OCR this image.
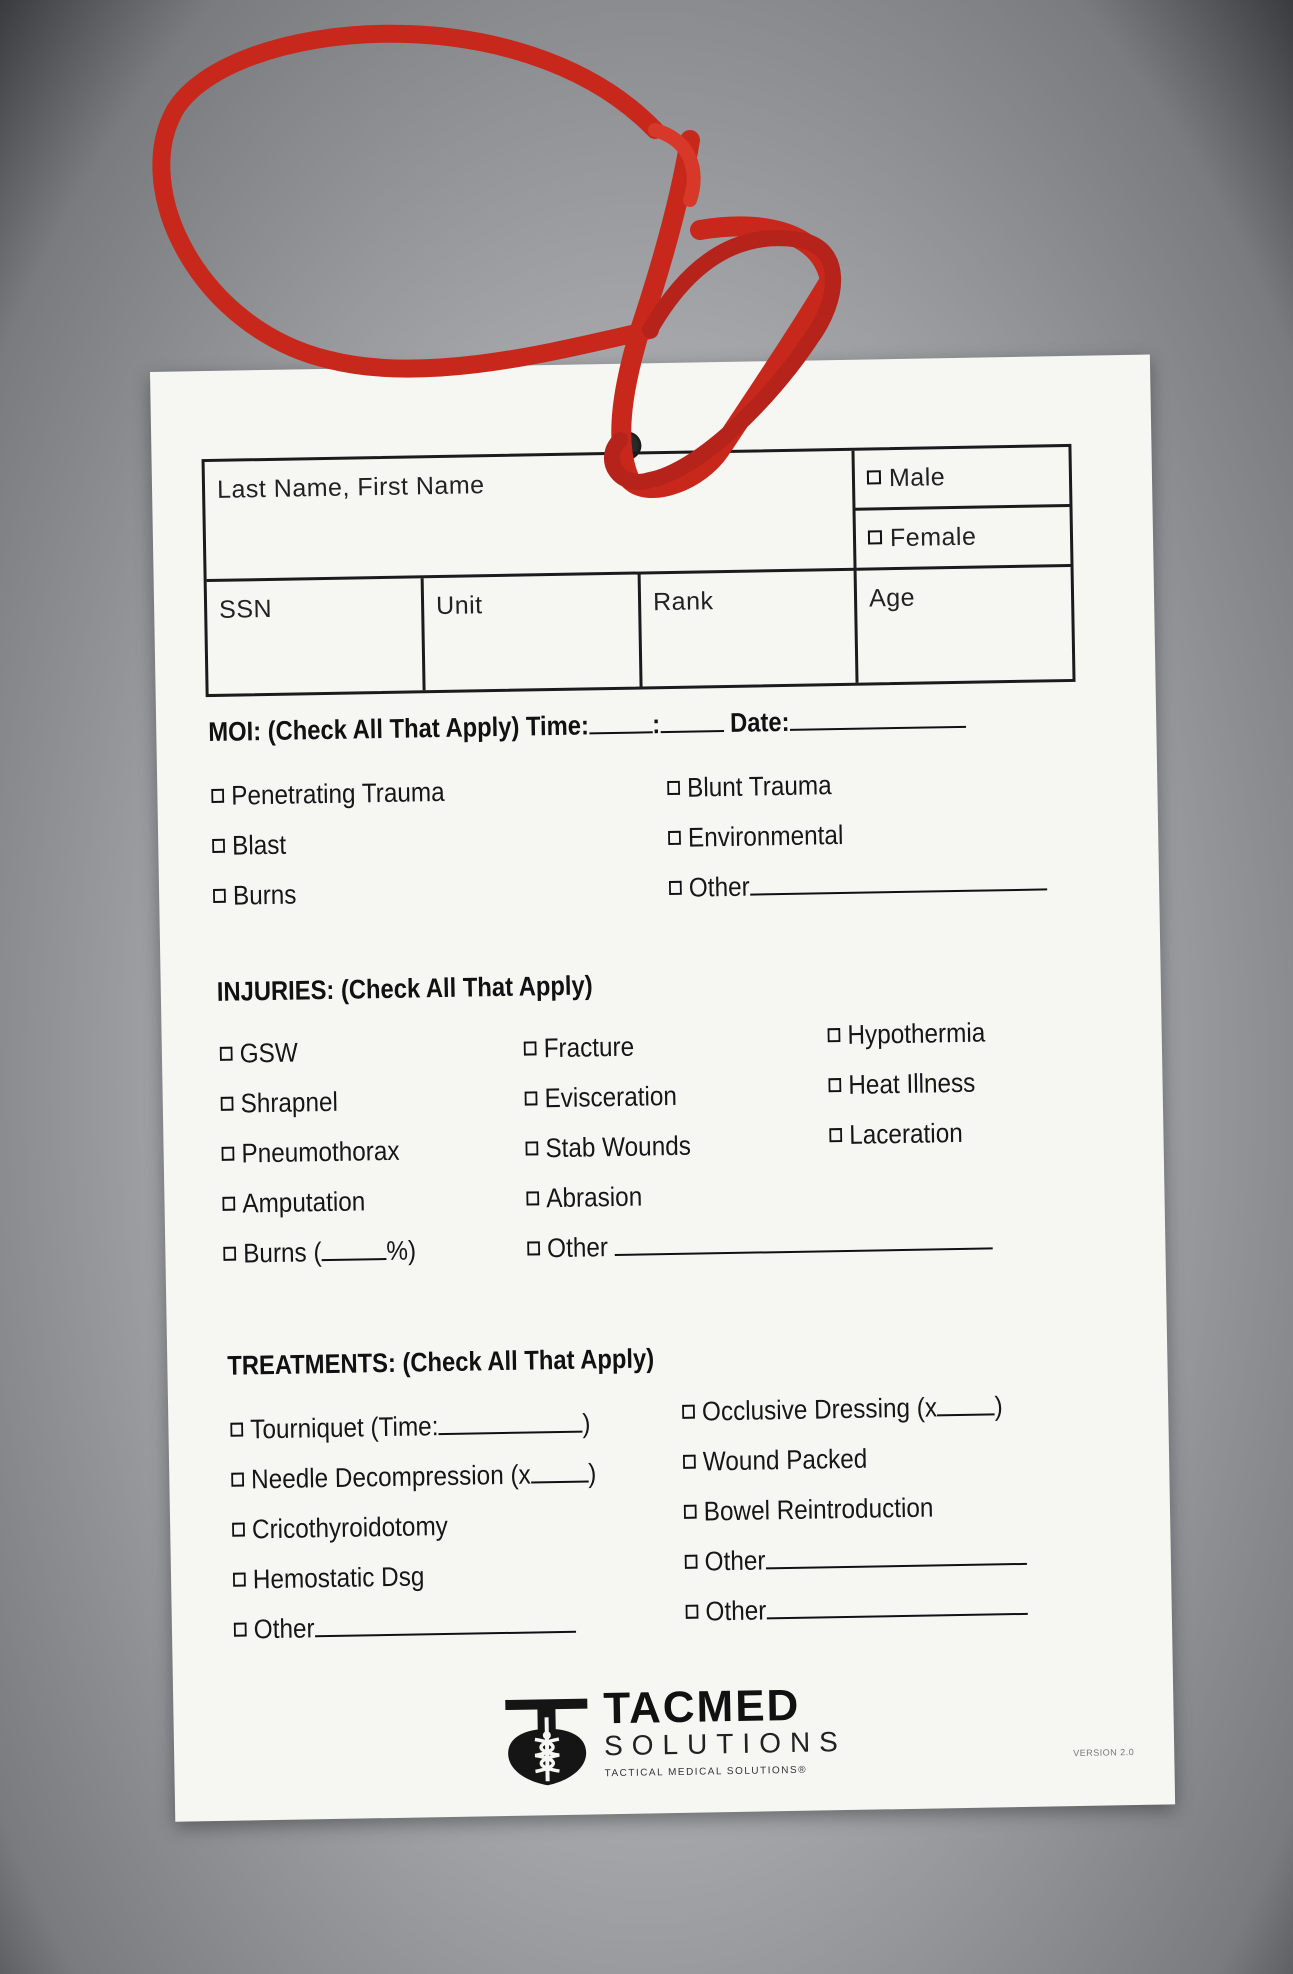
Last Name, First Name	Male
Female
SSN	Unit	Rank	Age
MOI: (Check All That Apply) Time: :	Date:
Penetrating Trauma
Blast
Burns
Blunt Trauma
Environmental
Other
INJURIES: (Check All That Apply)
GSW
Shrapnel
Pneumothorax
Amputation
Burns ( %)
Fracture
Evisceration
Stab Wounds
Abrasion
Other
Hypothermia
Heat Illness
Laceration
TREATMENTS: (Check All That Apply)
Tourniquet (Time:	)
Needle Decompression (x )
Cricothyroidotomy
Hemostatic Dsg
Other
Occlusive Dressing (x )
Wound Packed
Bowel Reintroduction
Other
Other
TACMED
SOLUTIONS
TACTICAL MEDICAL SOLUTIONS®
VERSION 2.0
